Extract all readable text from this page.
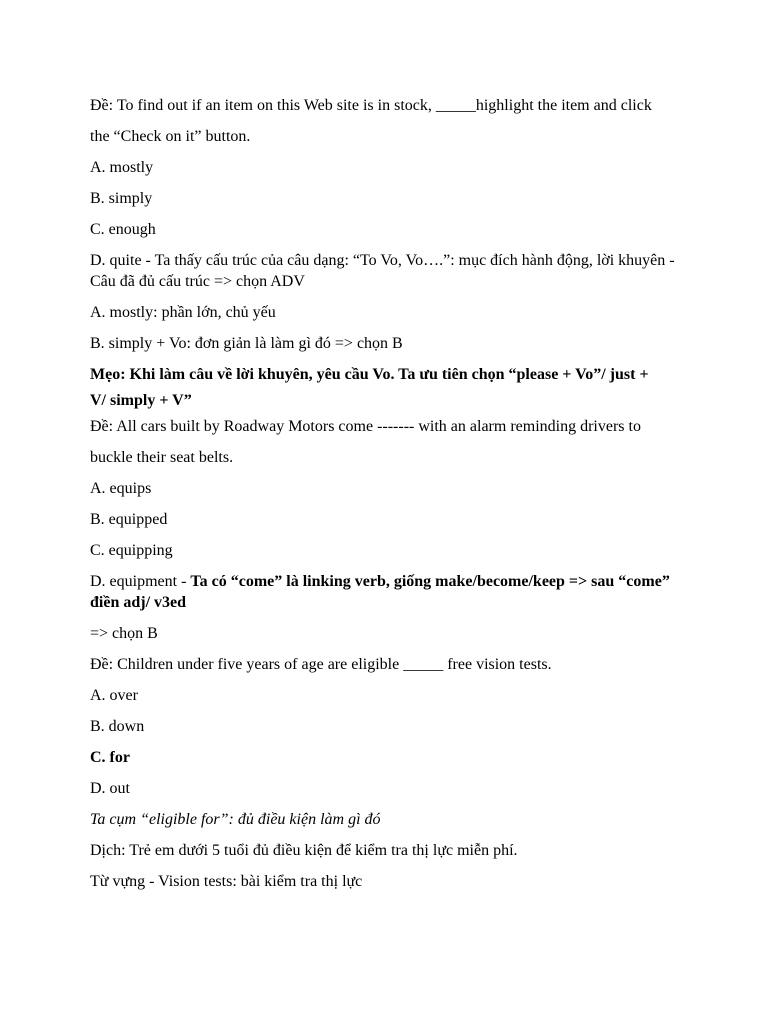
Đề: To find out if an item on this Web site is in stock, _____highlight the item and click

the “Check on it” button.

A. mostly

B. simply

C. enough

D. quite - Ta thấy cấu trúc của câu dạng: “To Vo, Vo….”: mục đích hành động, lời khuyên - Câu đã đủ cấu trúc => chọn ADV

A. mostly: phần lớn, chủ yếu

B. simply + Vo: đơn giản là làm gì đó => chọn B

Mẹo: Khi làm câu về lời khuyên, yêu cầu Vo. Ta ưu tiên chọn “please + Vo”/ just +

V/ simply + V”

Đề: All cars built by Roadway Motors come ------- with an alarm reminding drivers to

buckle their seat belts.

A. equips

B. equipped

C. equipping

D. equipment - Ta có “come” là linking verb, giống make/become/keep => sau “come” điền adj/ v3ed

=> chọn B

Đề: Children under five years of age are eligible _____ free vision tests.

A. over

B. down

C. for

D. out

Ta cụm “eligible for”: đủ điều kiện làm gì đó

Dịch: Trẻ em dưới 5 tuổi đủ điều kiện để kiểm tra thị lực miễn phí.

Từ vựng - Vision tests: bài kiểm tra thị lực
